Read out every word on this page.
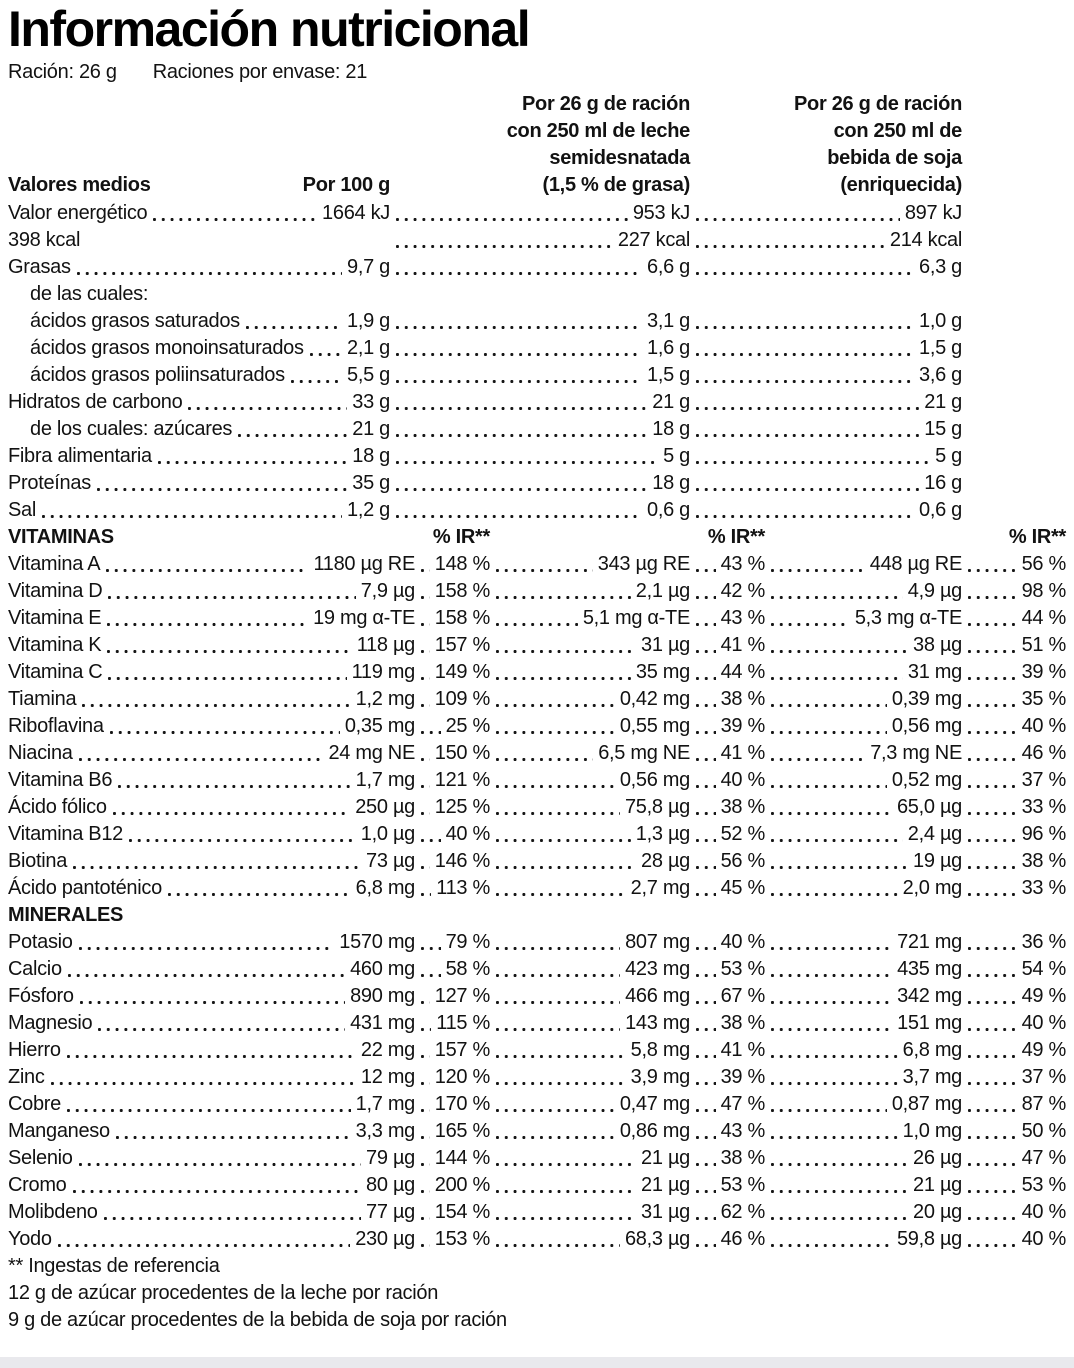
Información nutricional
Ración: 26 g Raciones por envase: 21
Valores medios	Por 100 g
Por 26 g de ración
con 250 ml de leche
semidesnatada
(1,5 % de grasa)
Por 26 g de ración
con 250 ml de
bebida de soja
(enriquecida)
Valor energético	1664 kJ	953 kJ	897 kJ
398 kcal	227 kcal	214 kcal
Grasas	9,7 g	6,6 g	6,3 g
de las cuales:
ácidos grasos saturados	1,9 g	3,1 g	1,0 g
ácidos grasos monoinsaturados 2,1 g	1,6 g	1,5 g
ácidos grasos poliinsaturados	5,5 g	1,5 g	3,6 g
Hidratos de carbono	33 g	21 g	21 g
de los cuales: azúcares	21 g	18 g	15 g
Fibra alimentaria	18 g	5 g	5 g
Proteínas	35 g	18 g	16 g
Sal	1,2 g	0,6 g	0,6 g
VITAMINAS	% IR**	% IR**	% IR**
Vitamina A	1180 µg RE 148 %	343 µg RE 43 %	448 µg RE	56 %
Vitamina D	7,9 µg 158 %	2,1 µg 42 %	4,9 µg	98 %
Vitamina E	19 mg α-TE 158 %	5,1 mg α-TE 43 %	5,3 mg α-TE	44 %
Vitamina K	118 µg 157 %	31 µg 41 %	38 µg	51 %
Vitamina C	119 mg 149 %	35 mg 44 %	31 mg	39 %
Tiamina	1,2 mg 109 %	0,42 mg 38 %	0,39 mg	35 %
Riboflavina	0,35 mg 25 %	0,55 mg 39 %	0,56 mg	40 %
Niacina	24 mg NE 150 %	6,5 mg NE 41 %	7,3 mg NE	46 %
Vitamina B6	1,7 mg 121 %	0,56 mg 40 %	0,52 mg	37 %
Ácido fólico	250 µg 125 %	75,8 µg 38 %	65,0 µg	33 %
Vitamina B12	1,0 µg 40 %	1,3 µg 52 %	2,4 µg	96 %
Biotina	73 µg 146 %	28 µg 56 %	19 µg	38 %
Ácido pantoténico	6,8 mg 113 %	2,7 mg 45 %	2,0 mg	33 %
MINERALES
Potasio	1570 mg 79 %	807 mg 40 %	721 mg	36 %
Calcio	460 mg 58 %	423 mg 53 %	435 mg	54 %
Fósforo	890 mg 127 %	466 mg 67 %	342 mg	49 %
Magnesio	431 mg 115 %	143 mg 38 %	151 mg	40 %
Hierro	22 mg 157 %	5,8 mg 41 %	6,8 mg	49 %
Zinc	12 mg 120 %	3,9 mg 39 %	3,7 mg	37 %
Cobre	1,7 mg 170 %	0,47 mg 47 %	0,87 mg	87 %
Manganeso	3,3 mg 165 %	0,86 mg 43 %	1,0 mg	50 %
Selenio	79 µg 144 %	21 µg 38 %	26 µg	47 %
Cromo	80 µg 200 %	21 µg 53 %	21 µg	53 %
Molibdeno	77 µg 154 %	31 µg 62 %	20 µg	40 %
Yodo	230 µg 153 %	68,3 µg 46 %	59,8 µg	40 %
** Ingestas de referencia
12 g de azúcar procedentes de la leche por ración
9 g de azúcar procedentes de la bebida de soja por ración
